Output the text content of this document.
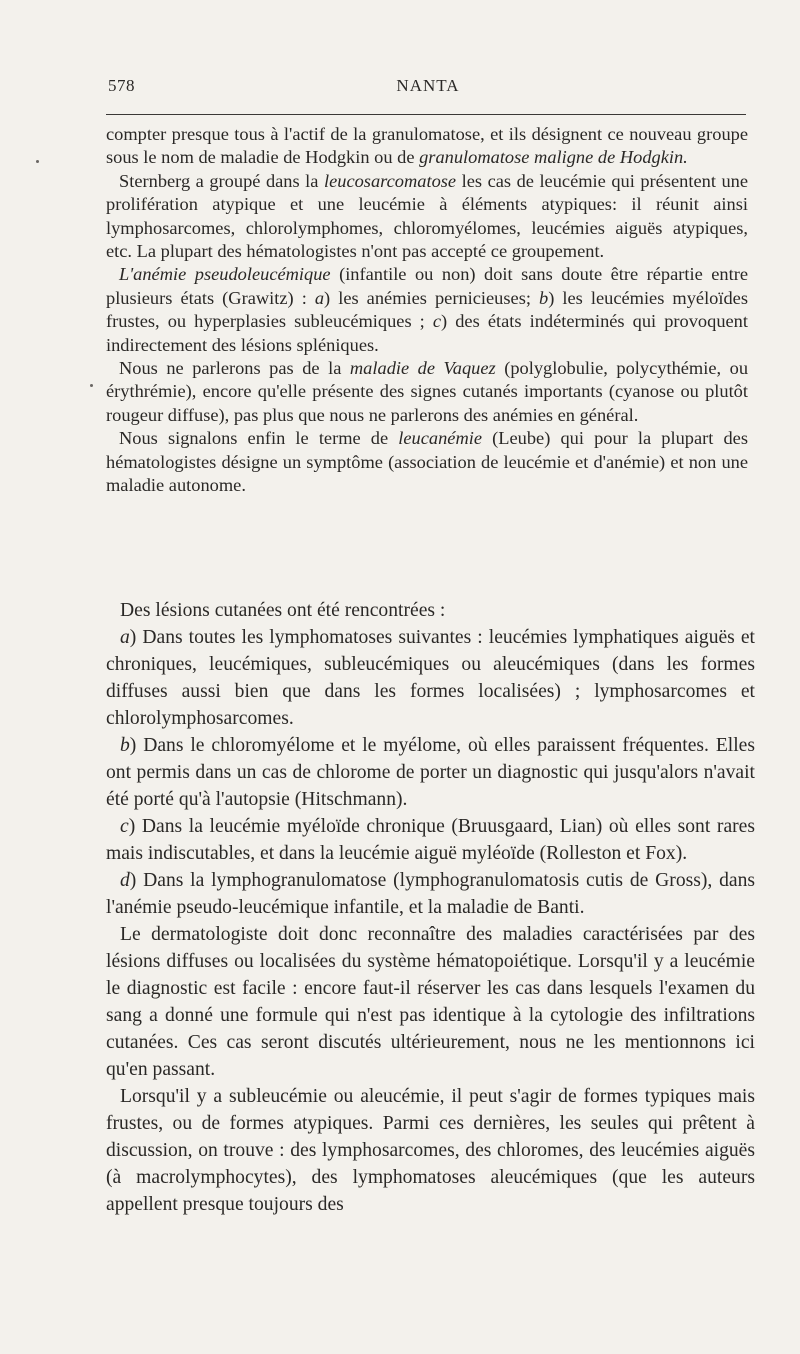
578	NANTA

compter presque tous à l'actif de la granulomatose, et ils désignent ce nouveau groupe sous le nom de maladie de Hodgkin ou de granulomatose maligne de Hodgkin.

Sternberg a groupé dans la leucosarcomatose les cas de leucémie qui présentent une prolifération atypique et une leucémie à éléments atypiques: il réunit ainsi lymphosarcomes, chlorolymphomes, chloromyélomes, leucémies aiguës atypiques, etc. La plupart des hématologistes n'ont pas accepté ce groupement.

L'anémie pseudoleucémique (infantile ou non) doit sans doute être répartie entre plusieurs états (Grawitz) : a) les anémies pernicieuses; b) les leucémies myéloïdes frustes, ou hyperplasies subleucémiques ; c) des états indéterminés qui provoquent indirectement des lésions spléniques.

Nous ne parlerons pas de la maladie de Vaquez (polyglobulie, polycythémie, ou érythrémie), encore qu'elle présente des signes cutanés importants (cyanose ou plutôt rougeur diffuse), pas plus que nous ne parlerons des anémies en général.

Nous signalons enfin le terme de leucanémie (Leube) qui pour la plupart des hématologistes désigne un symptôme (association de leucémie et d'anémie) et non une maladie autonome.

Des lésions cutanées ont été rencontrées :

a) Dans toutes les lymphomatoses suivantes : leucémies lymphatiques aiguës et chroniques, leucémiques, subleucémiques ou aleucémiques (dans les formes diffuses aussi bien que dans les formes localisées) ; lymphosarcomes et chlorolymphosarcomes.

b) Dans le chloromyélome et le myélome, où elles paraissent fréquentes. Elles ont permis dans un cas de chlorome de porter un diagnostic qui jusqu'alors n'avait été porté qu'à l'autopsie (Hitschmann).

c) Dans la leucémie myéloïde chronique (Bruusgaard, Lian) où elles sont rares mais indiscutables, et dans la leucémie aiguë myléoïde (Rolleston et Fox).

d) Dans la lymphogranulomatose (lymphogranulomatosis cutis de Gross), dans l'anémie pseudo-leucémique infantile, et la maladie de Banti.

Le dermatologiste doit donc reconnaître des maladies caractérisées par des lésions diffuses ou localisées du système hématopoiétique. Lorsqu'il y a leucémie le diagnostic est facile : encore faut-il réserver les cas dans lesquels l'examen du sang a donné une formule qui n'est pas identique à la cytologie des infiltrations cutanées. Ces cas seront discutés ultérieurement, nous ne les mentionnons ici qu'en passant.

Lorsqu'il y a subleucémie ou aleucémie, il peut s'agir de formes typiques mais frustes, ou de formes atypiques. Parmi ces dernières, les seules qui prêtent à discussion, on trouve : des lymphosarcomes, des chloromes, des leucémies aiguës (à macrolymphocytes), des lymphomatoses aleucémiques (que les auteurs appellent presque toujours des
